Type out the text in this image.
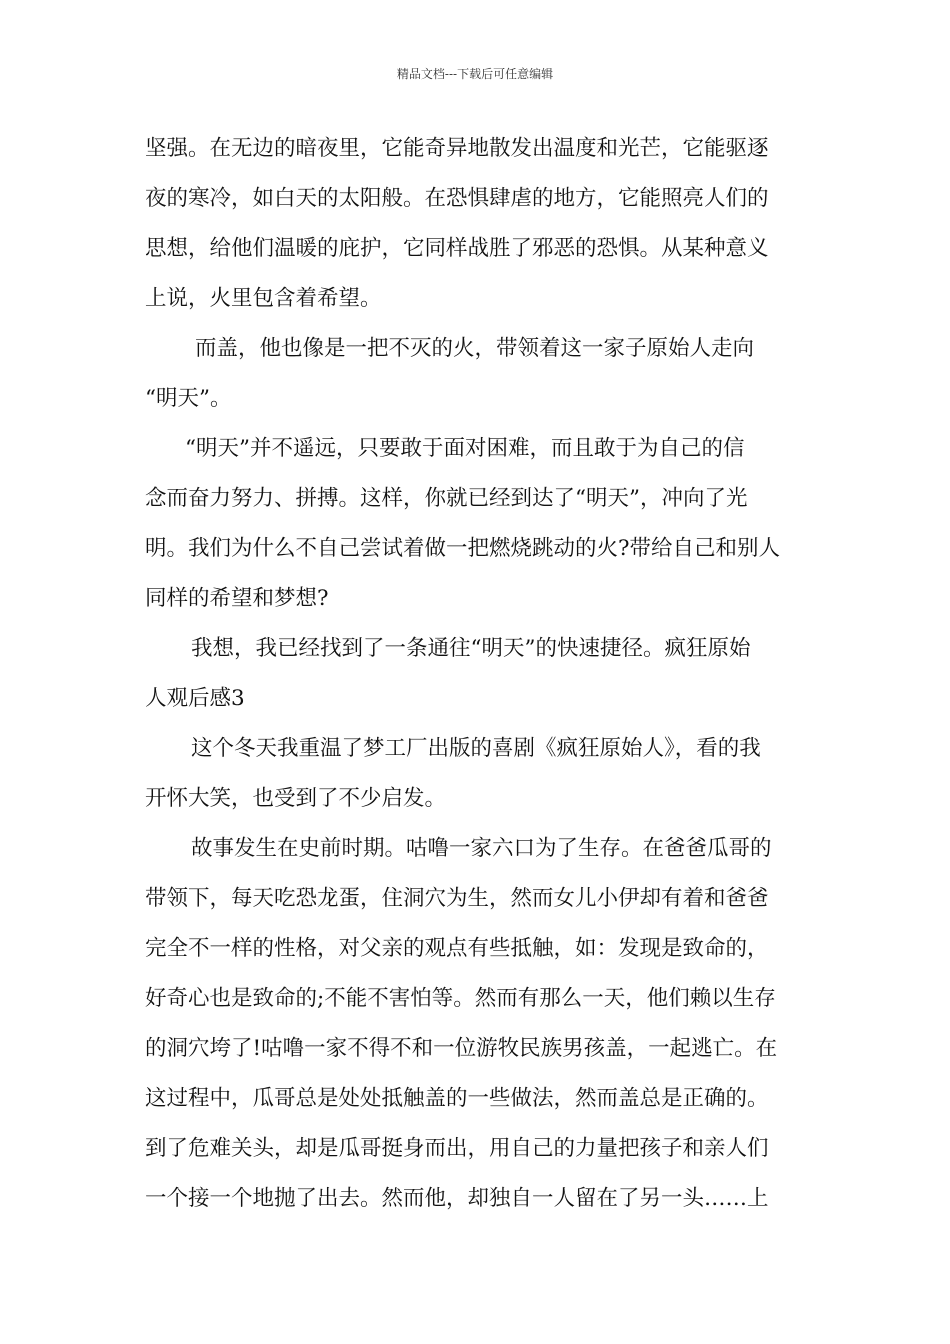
精品文档---下载后可任意编辑
坚强。在无边的暗夜里，它能奇异地散发出温度和光芒，它能驱逐
夜的寒冷，如白天的太阳般。在恐惧肆虐的地方，它能照亮人们的
思想，给他们温暖的庇护，它同样战胜了邪恶的恐惧。从某种意义
上说，火里包含着希望。
而盖，他也像是一把不灭的火，带领着这一家子原始人走向
“明天”。
“明天”并不遥远，只要敢于面对困难，而且敢于为自己的信
念而奋力努力、拼搏。这样，你就已经到达了“明天”，冲向了光
明。我们为什么不自己尝试着做一把燃烧跳动的火?带给自己和别人
同样的希望和梦想?
我想，我已经找到了一条通往“明天”的快速捷径。疯狂原始
人观后感3
这个冬天我重温了梦工厂出版的喜剧《疯狂原始人》，看的我
开怀大笑，也受到了不少启发。
故事发生在史前时期。咕噜一家六口为了生存。在爸爸瓜哥的
带领下，每天吃恐龙蛋，住洞穴为生，然而女儿小伊却有着和爸爸
完全不一样的性格，对父亲的观点有些抵触，如：发现是致命的，
好奇心也是致命的;不能不害怕等。然而有那么一天，他们赖以生存
的洞穴垮了!咕噜一家不得不和一位游牧民族男孩盖，一起逃亡。在
这过程中，瓜哥总是处处抵触盖的一些做法，然而盖总是正确的。
到了危难关头，却是瓜哥挺身而出，用自己的力量把孩子和亲人们
一个接一个地抛了出去。然而他，却独自一人留在了另一头……上
